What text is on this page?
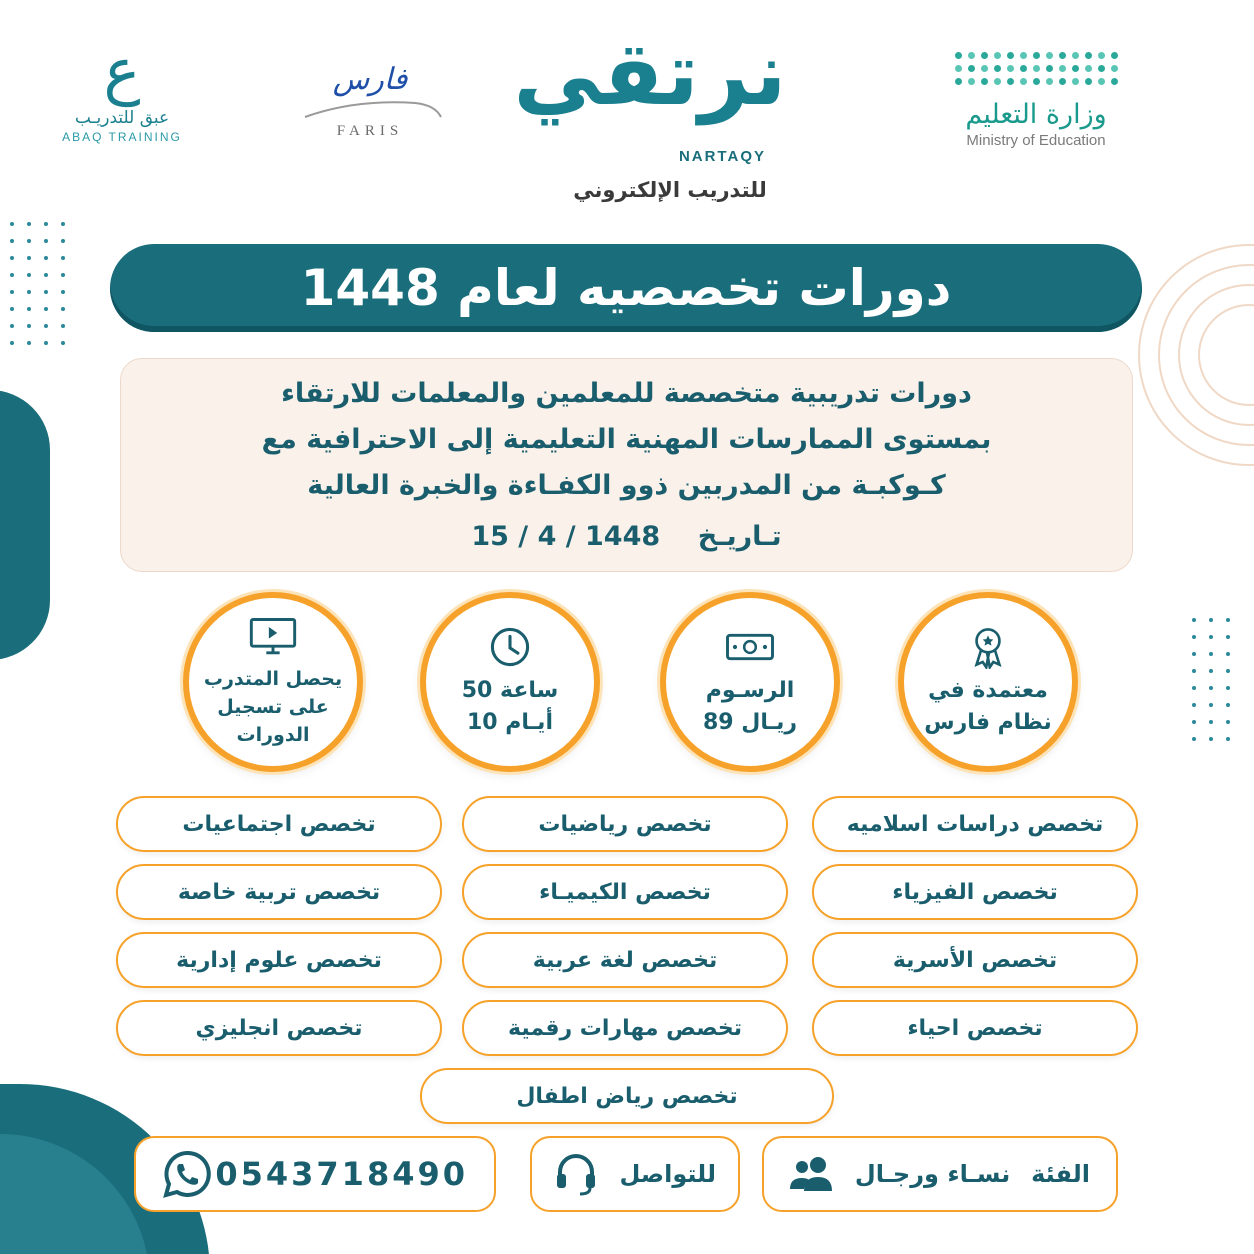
ع
عبق للتدريـب
ABAQ TRAINING
فارس
FARIS
نرتقي
NARTAQY
للتدريب الإلكتروني
وزارة التعليم
Ministry of Education
دورات تخصصيه لعام 1448

دورات تدريبية متخصصة للمعلمين والمعلمات للارتقاء

بمستوى الممارسات المهنية التعليمية إلى الاحترافية مع

كـوكبـة من المدربين ذوو الكفـاءة والخبرة العالية

تـاريـخ    15 / 4 / 1448
معتمدة في
نظام فارس
الرسـوم
89 ريـال
50 ساعة
10 أيـام
يحصل المتدرب
على تسجيل
الدورات
تخصص دراسات اسلاميه
تخصص الفيزياء
تخصص الأسرية
تخصص احياء
تخصص رياضيات
تخصص الكيميـاء
تخصص لغة عربية
تخصص مهارات رقمية
تخصص اجتماعيات
تخصص تربية خاصة
تخصص علوم إدارية
تخصص انجليزي
تخصص رياض اطفال
الفئة
نسـاء ورجـال
للتواصل
0543718490
